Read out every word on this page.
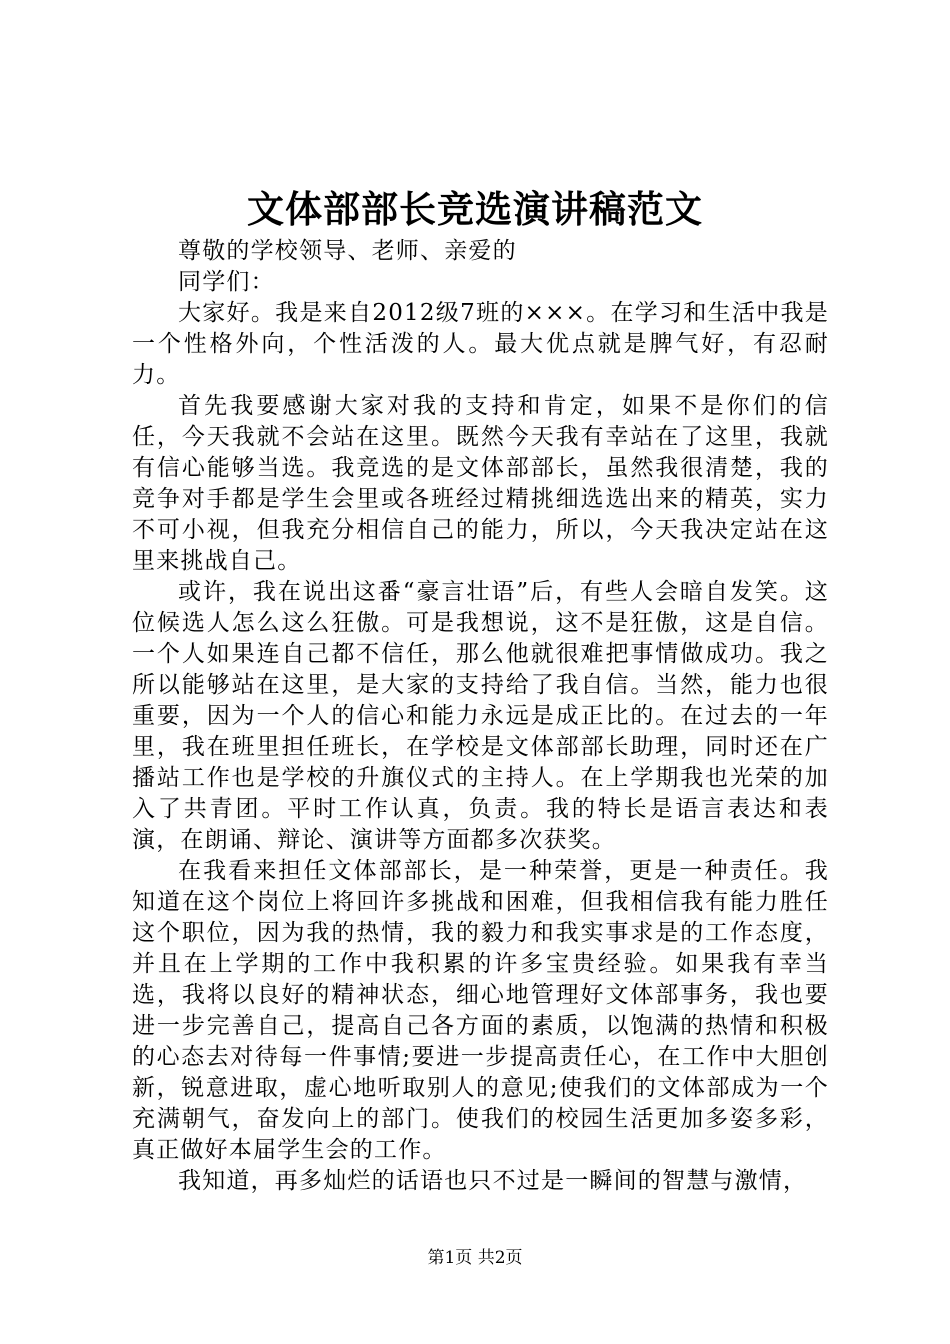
文体部部长竞选演讲稿范文

尊敬的学校领导、老师、亲爱的

同学们：

大家好。我是来自2012级7班的×××。在学习和生活中我是一个性格外向，个性活泼的人。最大优点就是脾气好，有忍耐力。

首先我要感谢大家对我的支持和肯定，如果不是你们的信任，今天我就不会站在这里。既然今天我有幸站在了这里，我就有信心能够当选。我竞选的是文体部部长，虽然我很清楚，我的竞争对手都是学生会里或各班经过精挑细选选出来的精英，实力不可小视，但我充分相信自己的能力，所以，今天我决定站在这里来挑战自己。

或许，我在说出这番“豪言壮语”后，有些人会暗自发笑。这位候选人怎么这么狂傲。可是我想说，这不是狂傲，这是自信。一个人如果连自己都不信任，那么他就很难把事情做成功。我之所以能够站在这里，是大家的支持给了我自信。当然，能力也很重要，因为一个人的信心和能力永远是成正比的。在过去的一年里，我在班里担任班长，在学校是文体部部长助理，同时还在广播站工作也是学校的升旗仪式的主持人。在上学期我也光荣的加入了共青团。平时工作认真，负责。我的特长是语言表达和表演，在朗诵、辩论、演讲等方面都多次获奖。

在我看来担任文体部部长，是一种荣誉，更是一种责任。我知道在这个岗位上将回许多挑战和困难，但我相信我有能力胜任这个职位，因为我的热情，我的毅力和我实事求是的工作态度，并且在上学期的工作中我积累的许多宝贵经验。如果我有幸当选，我将以良好的精神状态，细心地管理好文体部事务，我也要进一步完善自己，提高自己各方面的素质，以饱满的热情和积极的心态去对待每一件事情;要进一步提高责任心，在工作中大胆创新，锐意进取，虚心地听取别人的意见;使我们的文体部成为一个充满朝气，奋发向上的部门。使我们的校园生活更加多姿多彩，真正做好本届学生会的工作。

我知道，再多灿烂的话语也只不过是一瞬间的智慧与激情，

第1页 共2页
